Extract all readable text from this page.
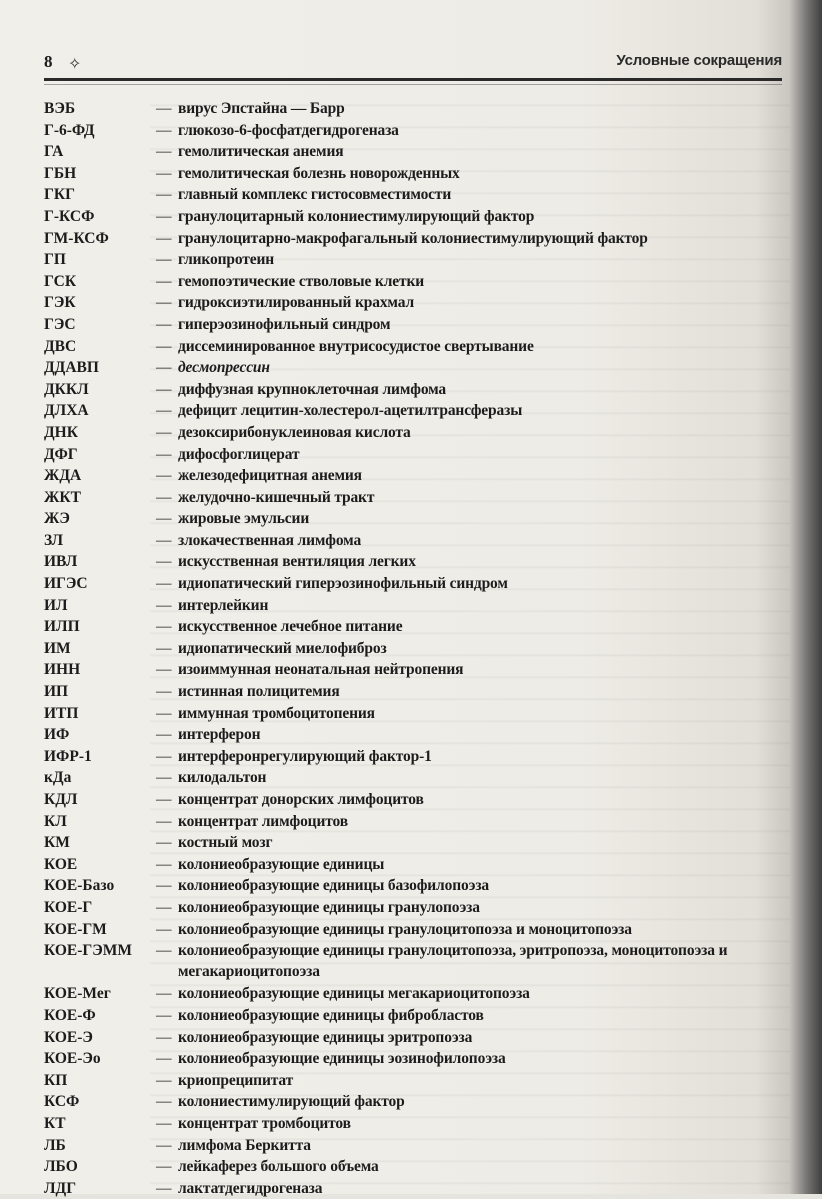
8 ✧	Условные сокращения
ВЭБ	— вирус Эпстайна — Барр
Г-6-ФД	— глюкозо-6-фосфатдегидрогеназа
ГА	— гемолитическая анемия
ГБН	— гемолитическая болезнь новорожденных
ГКГ	— главный комплекс гистосовместимости
Г-КСФ	— гранулоцитарный колониестимулирующий фактор
ГМ-КСФ	— гранулоцитарно-макрофагальный колониестимулирующий фактор
ГП	— гликопротеин
ГСК	— гемопоэтические стволовые клетки
ГЭК	— гидроксиэтилированный крахмал
ГЭС	— гиперэозинофильный синдром
ДВС	— диссеминированное внутрисосудистое свертывание
ДДАВП	— десмопрессин
ДККЛ	— диффузная крупноклеточная лимфома
ДЛХА	— дефицит лецитин-холестерол-ацетилтрансферазы
ДНК	— дезоксирибонуклеиновая кислота
ДФГ	— дифосфоглицерат
ЖДА	— железодефицитная анемия
ЖКТ	— желудочно-кишечный тракт
ЖЭ	— жировые эмульсии
ЗЛ	— злокачественная лимфома
ИВЛ	— искусственная вентиляция легких
ИГЭС	— идиопатический гиперэозинофильный синдром
ИЛ	— интерлейкин
ИЛП	— искусственное лечебное питание
ИМ	— идиопатический миелофиброз
ИНН	— изоиммунная неонатальная нейтропения
ИП	— истинная полицитемия
ИТП	— иммунная тромбоцитопения
ИФ	— интерферон
ИФР-1	— интерферонрегулирующий фактор-1
кДа	— килодальтон
КДЛ	— концентрат донорских лимфоцитов
КЛ	— концентрат лимфоцитов
КМ	— костный мозг
КОЕ	— колониеобразующие единицы
КОЕ-Базо	— колониеобразующие единицы базофилопоэза
КОЕ-Г	— колониеобразующие единицы гранулопоэза
КОЕ-ГМ	— колониеобразующие единицы гранулоцитопоэза и моноцитопоэза
КОЕ-ГЭММ	— колониеобразующие единицы гранулоцитопоэза, эритропоэза, моноцитопоэза и мегакариоцитопоэза
КОЕ-Мег	— колониеобразующие единицы мегакариоцитопоэза
КОЕ-Ф	— колониеобразующие единицы фибробластов
КОЕ-Э	— колониеобразующие единицы эритропоэза
КОЕ-Эо	— колониеобразующие единицы эозинофилопоэза
КП	— криопреципитат
КСФ	— колониестимулирующий фактор
КТ	— концентрат тромбоцитов
ЛБ	— лимфома Беркитта
ЛБО	— лейкаферез большого объема
ЛДГ	— лактатдегидрогеназа
